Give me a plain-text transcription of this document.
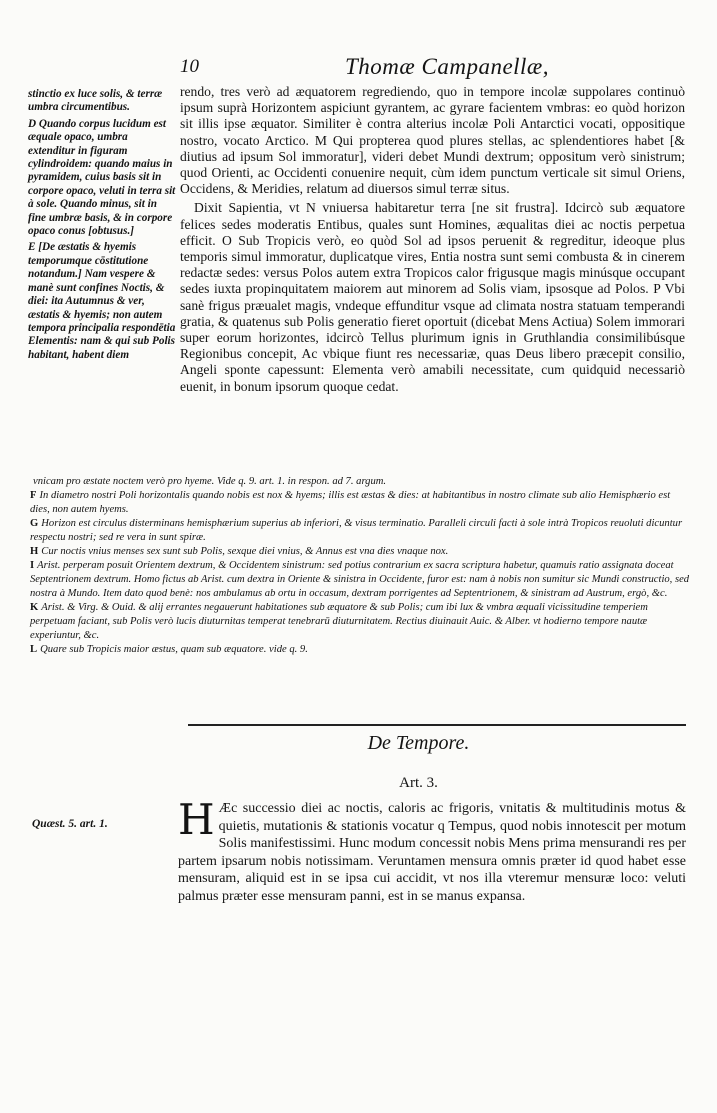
10	Thomæ Campanellæ,

stinctio ex luce solis, & terræ umbra circumentibus.

D Quando corpus lucidum est æquale opaco, umbra extenditur in figuram cylindroidem: quando maius in pyramidem, cuius basis sit in corpore opaco, veluti in terra sit à sole. Quando minus, sit in fine umbræ basis, & in corpore opaco conus [obtusus.]

E [De æstatis & hyemis temporumque cōstitutione notandum.] Nam vespere & manè sunt confines Noctis, & diei: ita Autumnus & ver, æstatis & hyemis; non autem tempora principalia respondētia Elementis: nam & qui sub Polis habitant, habent diem

rendo, tres verò ad æquatorem regrediendo, quo in tempore incolæ suppolares continuò ipsum suprà Horizontem aspiciunt gyrantem, ac gyrare facientem vmbras: eo quòd horizon sit illis ipse æquator. Similiter è contra alterius incolæ Poli Antarctici vocati, oppositique nostro, vocato Arctico. M Qui propterea quod plures stellas, ac splendentiores habet [& diutius ad ipsum Sol immoratur], videri debet Mundi dextrum; oppositum verò sinistrum; quod Orienti, ac Occidenti conuenire nequit, cùm idem punctum verticale sit simul Oriens, Occidens, & Meridies, relatum ad diuersos simul terræ situs.

Dixit Sapientia, vt N vniuersa habitaretur terra [ne sit frustra]. Idcircò sub æquatore felices sedes moderatis Entibus, quales sunt Homines, æqualitas diei ac noctis perpetua efficit. O Sub Tropicis verò, eo quòd Sol ad ipsos peruenit & regreditur, ideoque plus temporis simul immoratur, duplicatque vires, Entia nostra sunt semi combusta & in cinerem redactæ sedes: versus Polos autem extra Tropicos calor frigusque magis minúsque occupant sedes iuxta propinquitatem maiorem aut minorem ad Solis viam, ipsosque ad Polos. P Vbi sanè frigus præualet magis, vndeque effunditur vsque ad climata nostra statuam temperandi gratia, & quatenus sub Polis generatio fieret oportuit (dicebat Mens Actiua) Solem immorari super eorum horizontes, idcircò Tellus plurimum ignis in Gruthlandia consimilibúsque Regionibus concepit, Ac vbique fiunt res necessariæ, quas Deus libero præcepit consilio, Angeli sponte capessunt: Elementa verò amabili necessitate, cum quidquid necessariò euenit, in bonum ipsorum quoque cedat.

vnicam pro æstate noctem verò pro hyeme. Vide q. 9. art. 1. in respon. ad 7. argum.

F In diametro nostri Poli horizontalis quando nobis est nox & hyems; illis est æstas & dies: at habitantibus in nostro climate sub alio Hemisphærio est dies, non autem hyems.

G Horizon est circulus disterminans hemisphærium superius ab inferiori, & visus terminatio. Paralleli circuli facti à sole intrà Tropicos reuoluti dicuntur respectu nostri; sed re vera in sunt spiræ.

H Cur noctis vnius menses sex sunt sub Polis, sexque diei vnius, & Annus est vna dies vnaque nox.

I Arist. perperam posuit Orientem dextrum, & Occidentem sinistrum: sed potius contrarium ex sacra scriptura habetur, quamuis ratio assignata doceat Septentrionem dextrum. Homo fictus ab Arist. cum dextra in Oriente & sinistra in Occidente, furor est: nam à nobis non sumitur sic Mundi constructio, sed nostra à Mundo. Item dato quod benè: nos ambulamus ab ortu in occasum, dextram porrigentes ad Septentrionem, & sinistram ad Austrum, ergò, &c.

K Arist. & Virg. & Ouid. & alij errantes negauerunt habitationes sub æquatore & sub Polis; cum ibi lux & vmbra æquali vicissitudine temperiem perpetuam faciant, sub Polis verò lucis diuturnitas temperat tenebrarū diuturnitatem. Rectius diuinauit Auic. & Alber. vt hodierno tempore nautæ experiuntur, &c.

L Quare sub Tropicis maior æstus, quam sub æquatore. vide q. 9.

De Tempore.
Art. 3.
Quæst. 5. art. 1. H Æc successio diei ac noctis, caloris ac frigoris, vnitatis & multitudinis motus & quietis, mutationis & stationis vocatur q Tempus, quod nobis innotescit per motum Solis manifestissimi. Hunc modum concessit nobis Mens prima mensurandi res per partem ipsarum nobis notissimam. Veruntamen mensura omnis præter id quod habet esse mensuram, aliquid est in se ipsa cui accidit, vt nos illa vteremur mensuræ loco: veluti palmus præter esse mensuram panni, est in se manus expansa.
